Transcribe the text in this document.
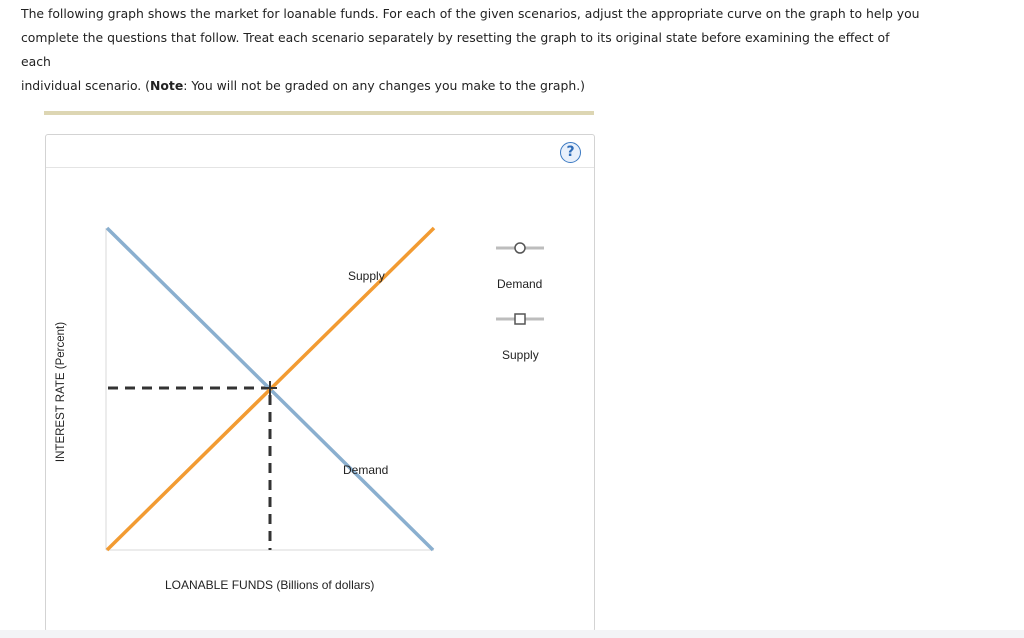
The following graph shows the market for loanable funds. For each of the given scenarios, adjust the appropriate curve on the graph to help you
complete the questions that follow. Treat each scenario separately by resetting the graph to its original state before examining the effect of each
individual scenario. (Note: You will not be graded on any changes you make to the graph.)
?
Supply
Demand
INTEREST RATE (Percent)
LOANABLE FUNDS (Billions of dollars)
Demand
Supply
